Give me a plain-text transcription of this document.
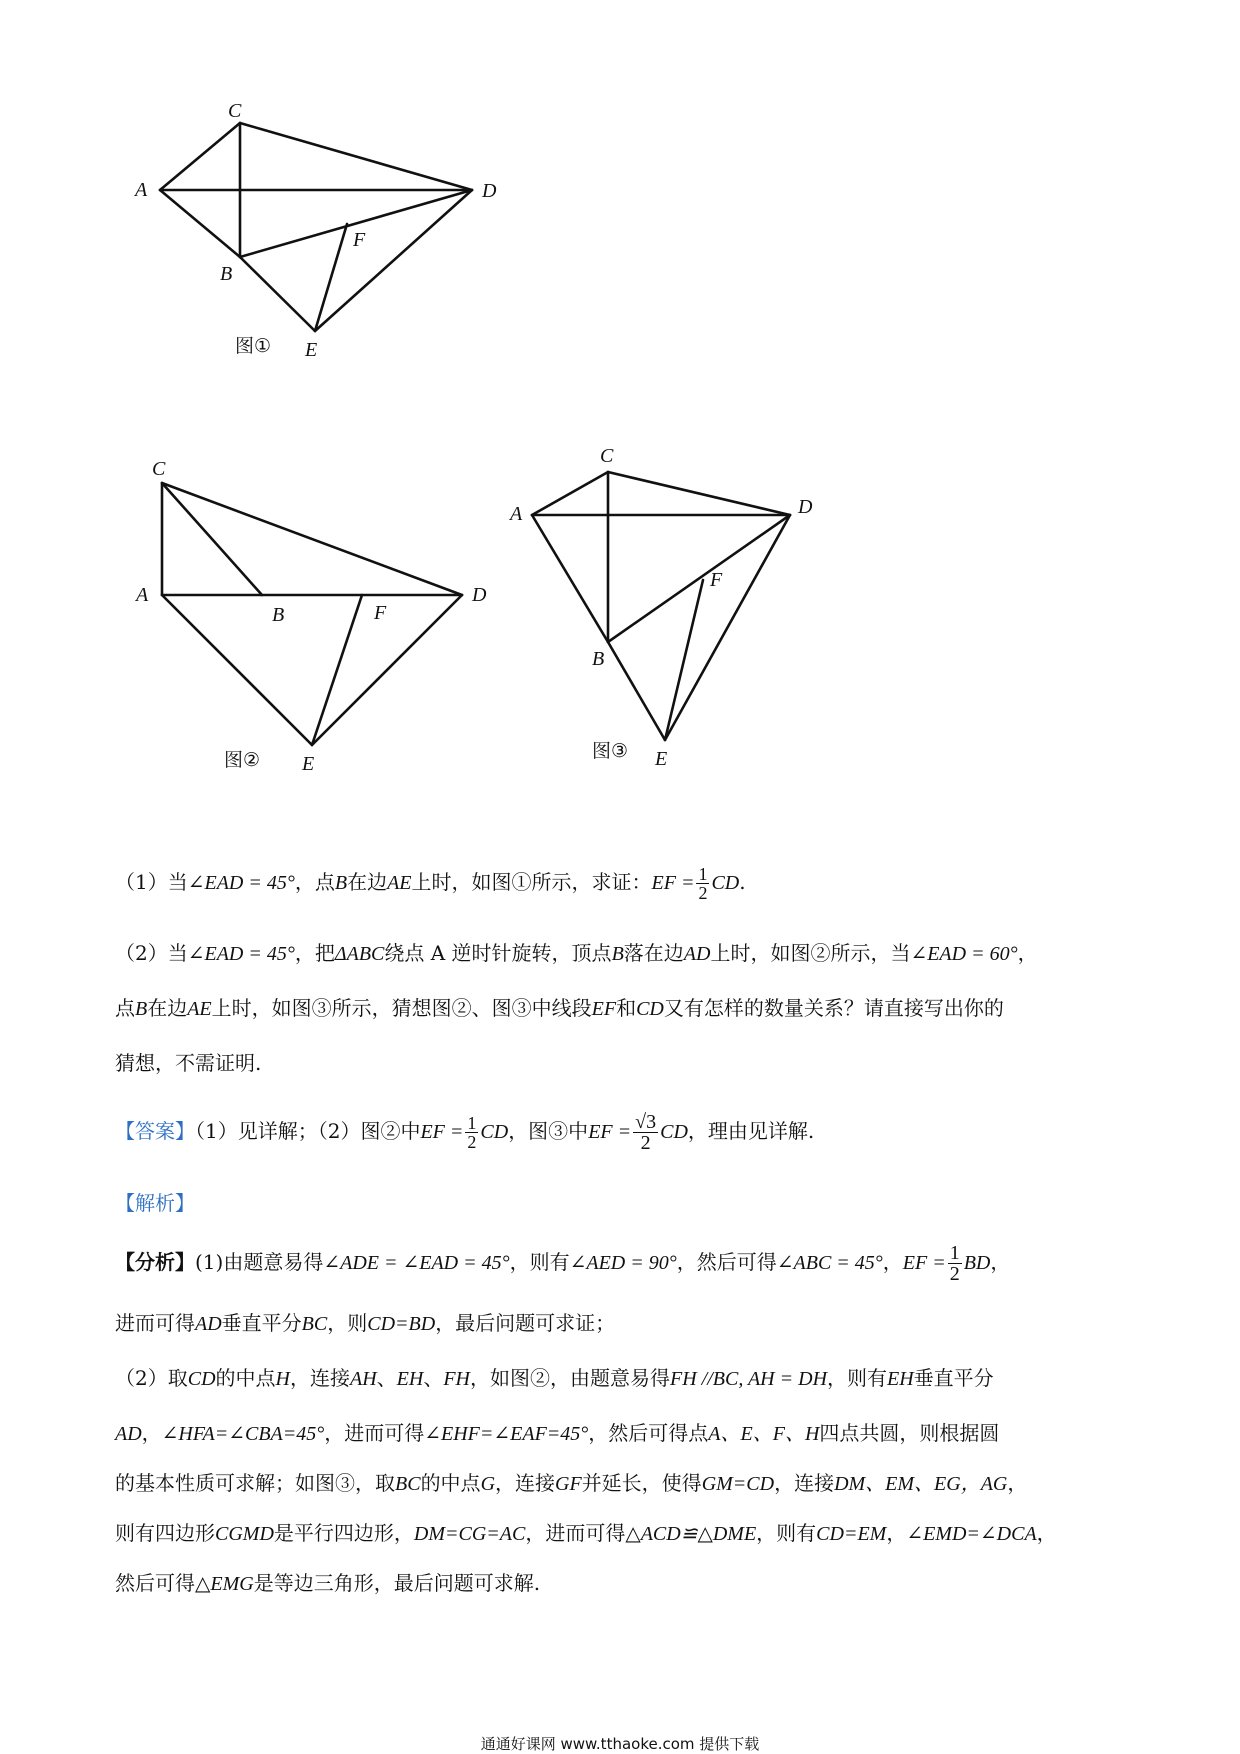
A
C
D
B
F
E
图①
C
A
B	F
D
E
图②
C
A	D
F
B
E
图③
（1）当∠EAD = 45°，点B在边AE上时，如图①所示，求证：EF = $\frac{1}{2}$ CD.
（2）当∠EAD = 45°，把ΔABC绕点 A 逆时针旋转，顶点B落在边AD上时，如图②所示，当∠EAD = 60°，
点B在边AE上时，如图③所示，猜想图②、图③中线段EF和CD又有怎样的数量关系？请直接写出你的
猜想，不需证明.
【答案】（1）见详解；（2）图②中EF = $\frac{1}{2}$ CD，图③中EF = $\frac{√3}{2}$ CD，理由见详解.
【解析】
【分析】(1)由题意易得∠ADE = ∠EAD = 45°，则有∠AED = 90°，然后可得∠ABC = 45°，EF = $\frac{1}{2}$ BD，
进而可得AD垂直平分BC，则CD=BD，最后问题可求证；
（2）取CD的中点H，连接AH、EH、FH，如图②，由题意易得FH //BC, AH = DH，则有EH垂直平分
AD，∠HFA=∠CBA=45°，进而可得∠EHF=∠EAF=45°，然后可得点A、E、F、H四点共圆，则根据圆
的基本性质可求解；如图③，取BC的中点G，连接GF并延长，使得GM=CD，连接DM、EM、EG，AG，
则有四边形CGMD是平行四边形，DM=CG=AC，进而可得△ACD≌△DME，则有CD=EM，∠EMD=∠DCA，
然后可得△EMG是等边三角形，最后问题可求解.
通通好课网 www.tthaoke.com 提供下载
